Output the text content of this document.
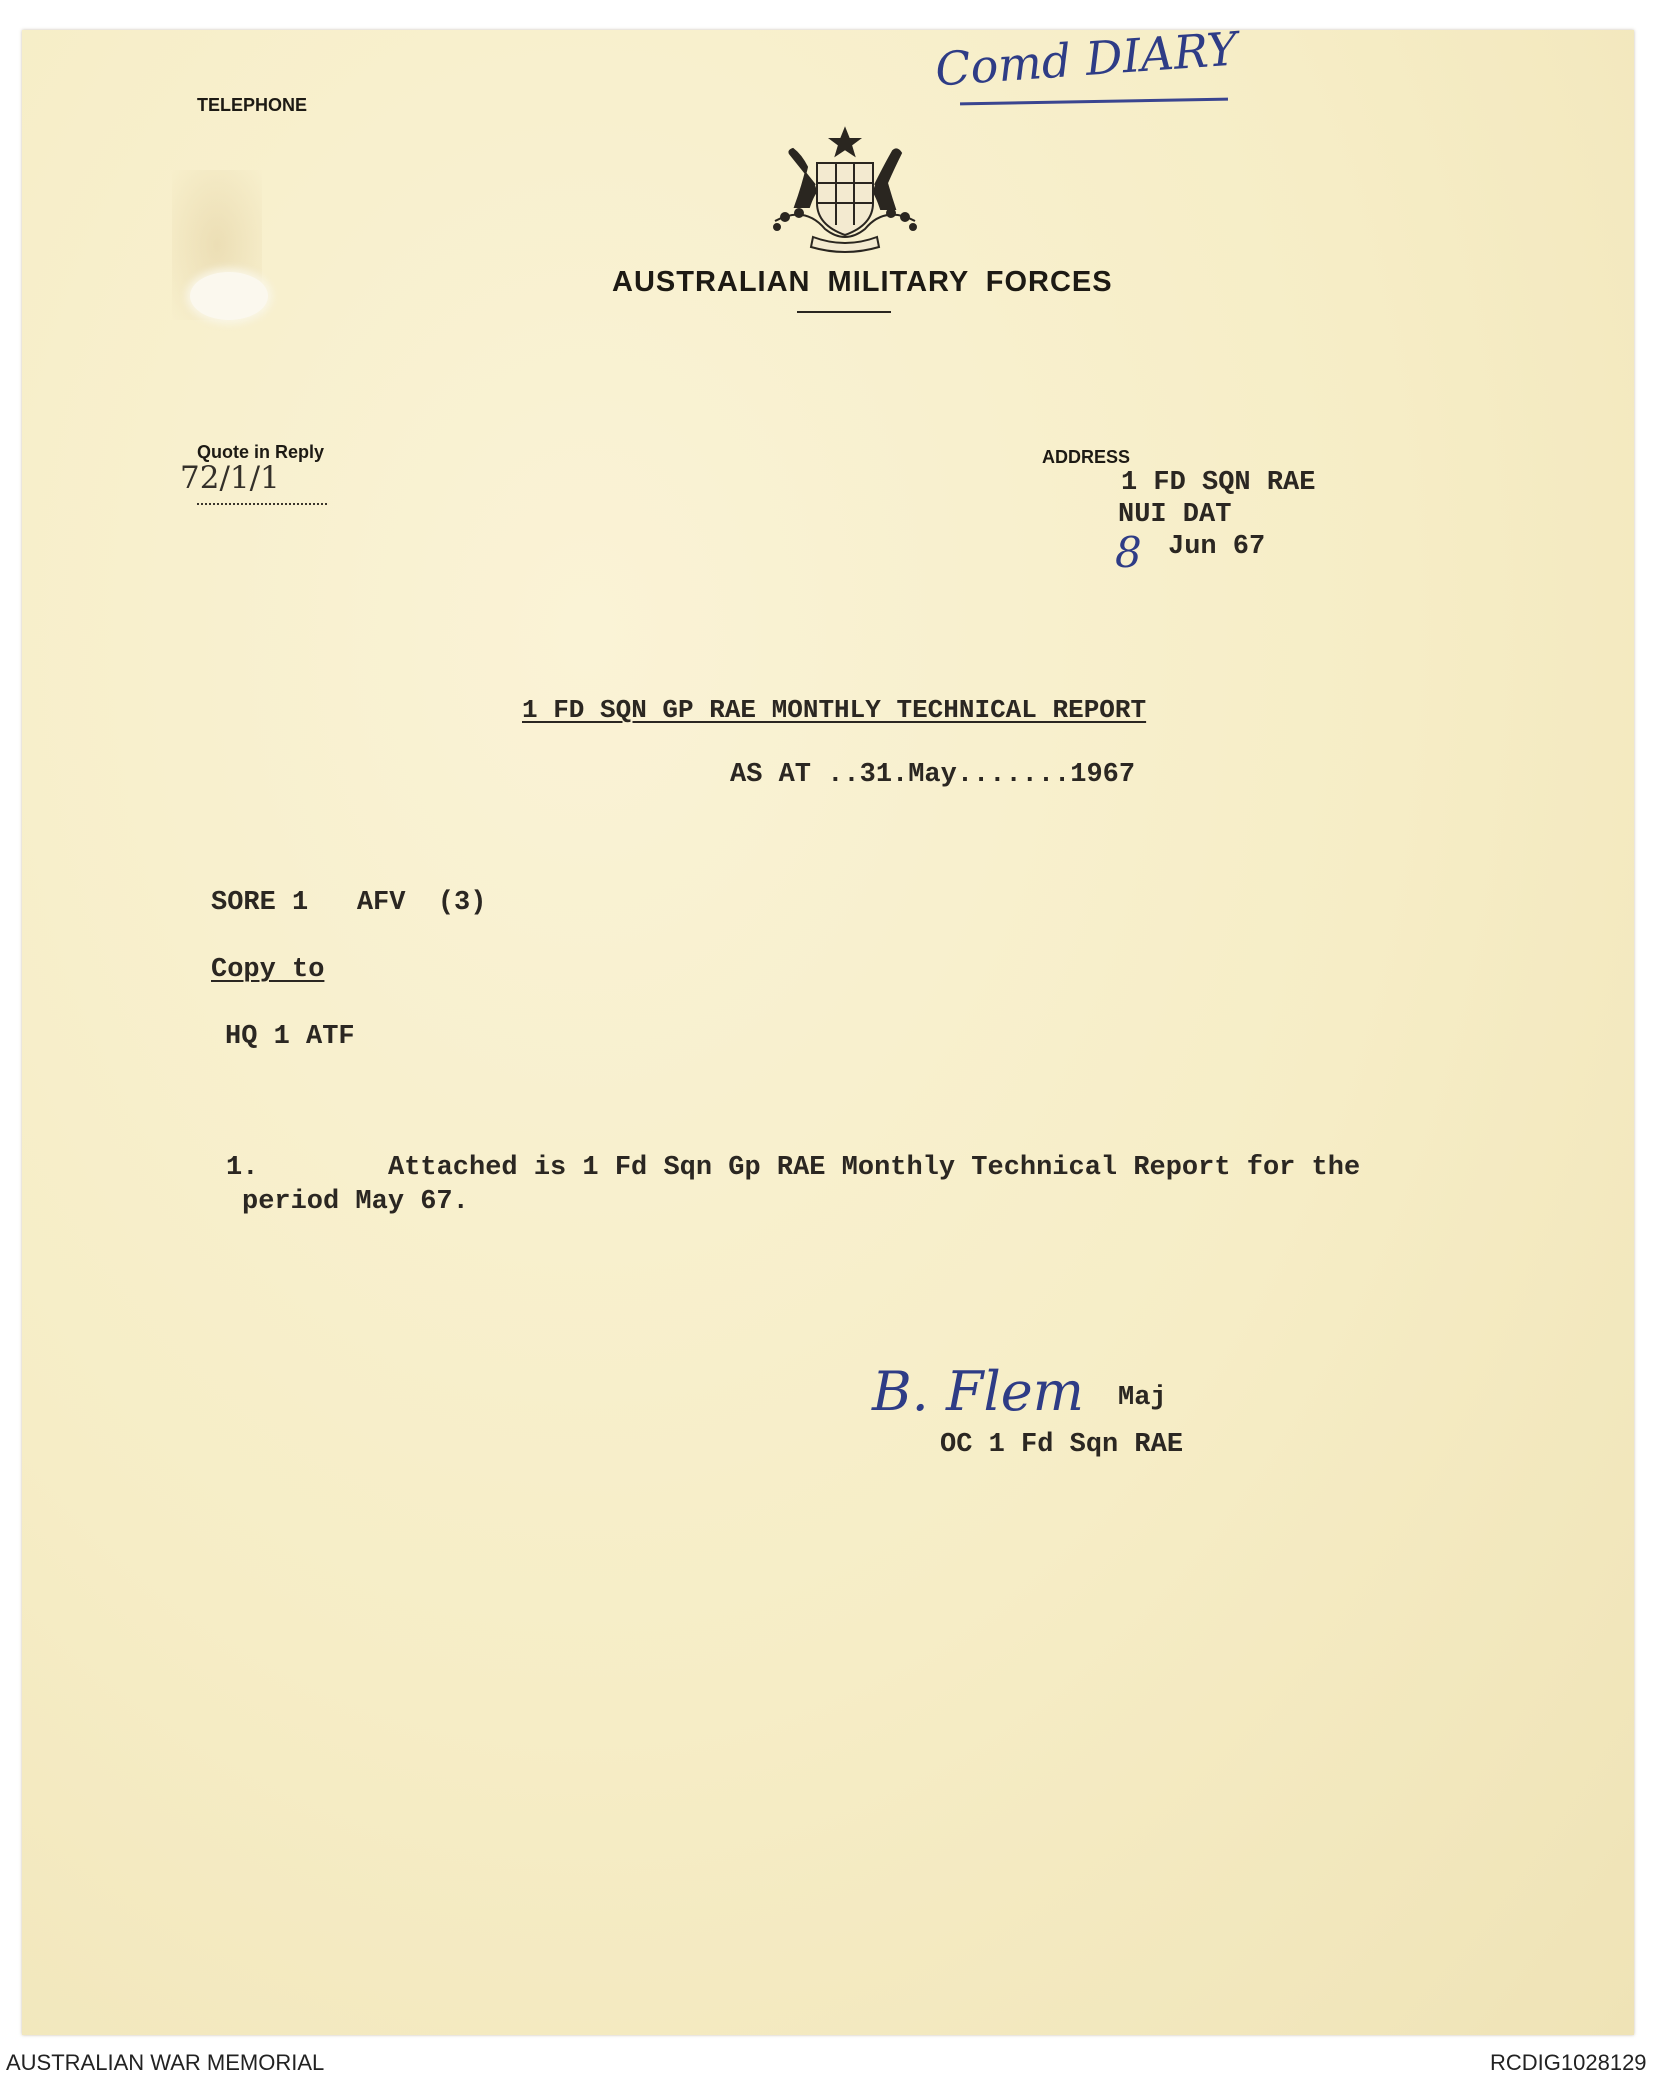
Comd DIARY
TELEPHONE
AUSTRALIAN MILITARY FORCES
Quote in Reply
72/1/1
ADDRESS
1 FD SQN RAE
NUI DAT
8 Jun 67
1 FD SQN GP RAE MONTHLY TECHNICAL REPORT
AS AT ..31.May.......1967
SORE 1   AFV  (3)
Copy to
HQ 1 ATF
1.	Attached is 1 Fd Sqn Gp RAE Monthly Technical Report for the
period May 67.
B. Flem Maj
OC 1 Fd Sqn RAE
AUSTRALIAN WAR MEMORIAL	RCDIG1028129
